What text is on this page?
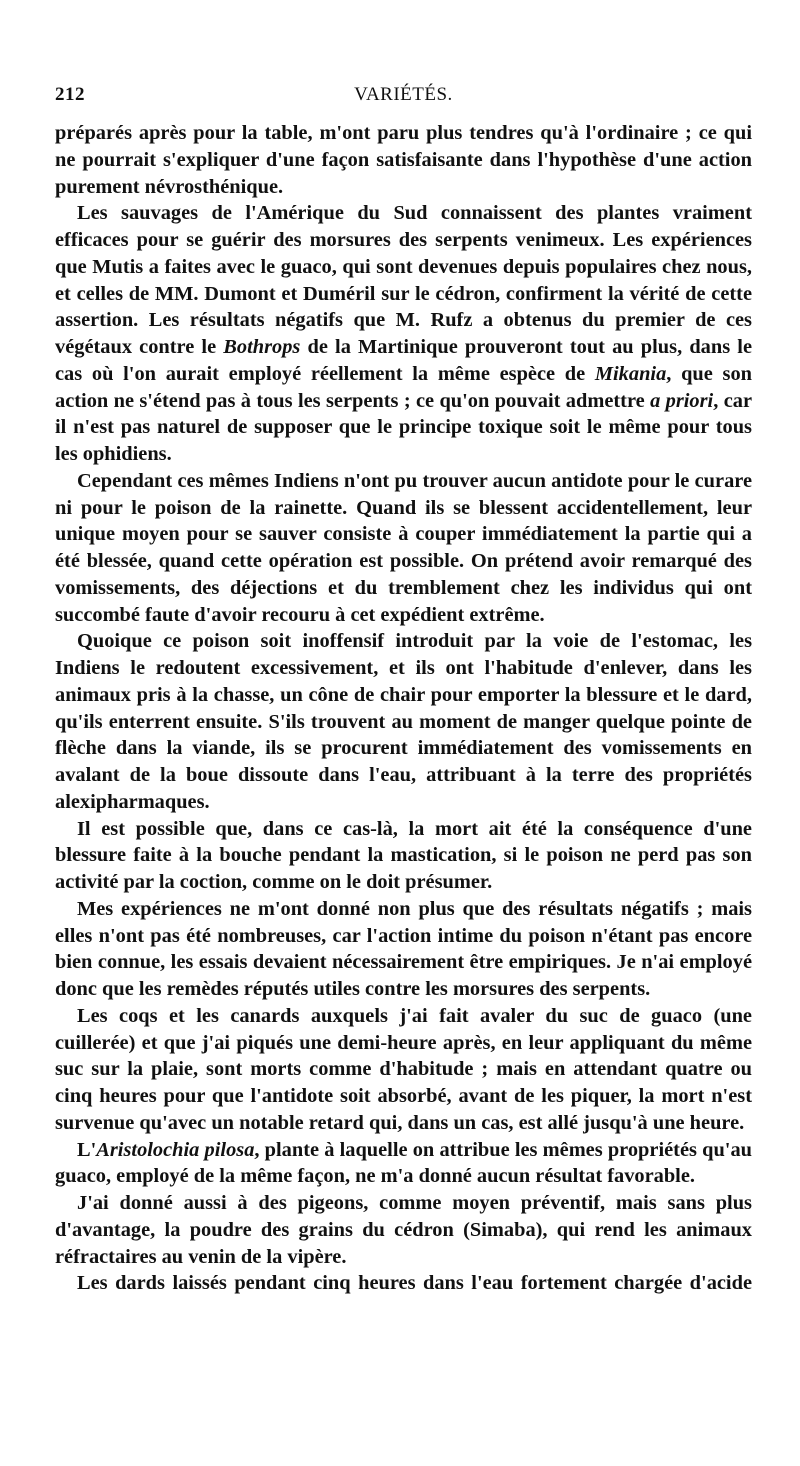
212	VARIÉTÉS.

préparés après pour la table, m'ont paru plus tendres qu'à l'ordinaire ; ce qui ne pourrait s'expliquer d'une façon satisfaisante dans l'hypothèse d'une action purement névrosthénique.

Les sauvages de l'Amérique du Sud connaissent des plantes vraiment efficaces pour se guérir des morsures des serpents venimeux. Les expériences que Mutis a faites avec le guaco, qui sont devenues depuis populaires chez nous, et celles de MM. Dumont et Duméril sur le cédron, confirment la vérité de cette assertion. Les résultats négatifs que M. Rufz a obtenus du premier de ces végétaux contre le Bothrops de la Martinique prouveront tout au plus, dans le cas où l'on aurait employé réellement la même espèce de Mikania, que son action ne s'étend pas à tous les serpents ; ce qu'on pouvait admettre a priori, car il n'est pas naturel de supposer que le principe toxique soit le même pour tous les ophidiens.

Cependant ces mêmes Indiens n'ont pu trouver aucun antidote pour le curare ni pour le poison de la rainette. Quand ils se blessent accidentellement, leur unique moyen pour se sauver consiste à couper immédiatement la partie qui a été blessée, quand cette opération est possible. On prétend avoir remarqué des vomissements, des déjections et du tremblement chez les individus qui ont succombé faute d'avoir recouru à cet expédient extrême.

Quoique ce poison soit inoffensif introduit par la voie de l'estomac, les Indiens le redoutent excessivement, et ils ont l'habitude d'enlever, dans les animaux pris à la chasse, un cône de chair pour emporter la blessure et le dard, qu'ils enterrent ensuite. S'ils trouvent au moment de manger quelque pointe de flèche dans la viande, ils se procurent immédiatement des vomissements en avalant de la boue dissoute dans l'eau, attribuant à la terre des propriétés alexipharmaques.

Il est possible que, dans ce cas-là, la mort ait été la conséquence d'une blessure faite à la bouche pendant la mastication, si le poison ne perd pas son activité par la coction, comme on le doit présumer.

Mes expériences ne m'ont donné non plus que des résultats négatifs ; mais elles n'ont pas été nombreuses, car l'action intime du poison n'étant pas encore bien connue, les essais devaient nécessairement être empiriques. Je n'ai employé donc que les remèdes réputés utiles contre les morsures des serpents.

Les coqs et les canards auxquels j'ai fait avaler du suc de guaco (une cuillerée) et que j'ai piqués une demi-heure après, en leur appliquant du même suc sur la plaie, sont morts comme d'habitude ; mais en attendant quatre ou cinq heures pour que l'antidote soit absorbé, avant de les piquer, la mort n'est survenue qu'avec un notable retard qui, dans un cas, est allé jusqu'à une heure.

L'Aristolochia pilosa, plante à laquelle on attribue les mêmes propriétés qu'au guaco, employé de la même façon, ne m'a donné aucun résultat favorable.

J'ai donné aussi à des pigeons, comme moyen préventif, mais sans plus d'avantage, la poudre des grains du cédron (Simaba), qui rend les animaux réfractaires au venin de la vipère.

Les dards laissés pendant cinq heures dans l'eau fortement chargée d'acide
